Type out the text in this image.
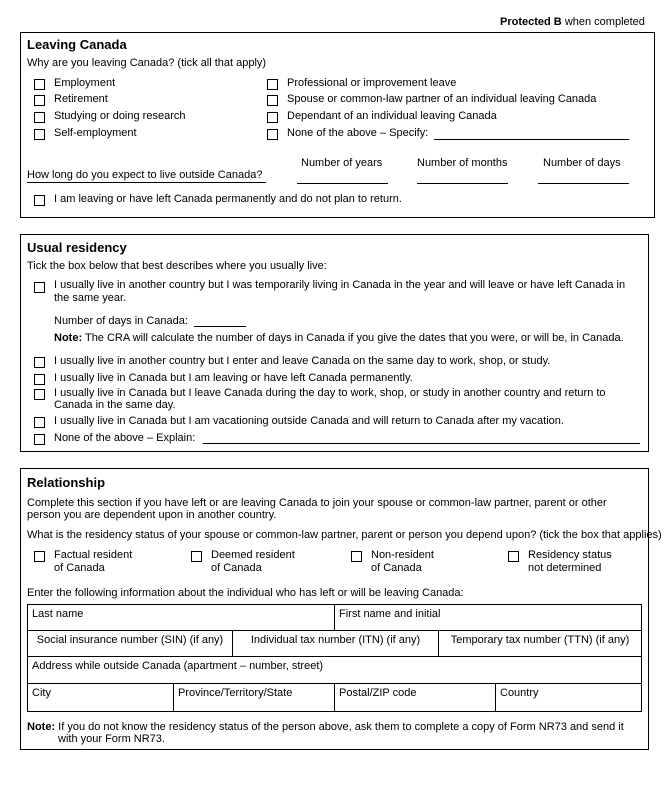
Protected B when completed
Leaving Canada
Why are you leaving Canada? (tick all that apply)
Employment
Retirement
Studying or doing research
Self-employment
Professional or improvement leave
Spouse or common-law partner of an individual leaving Canada
Dependant of an individual leaving Canada
None of the above – Specify:
Number of years	Number of months	Number of days
How long do you expect to live outside Canada?
I am leaving or have left Canada permanently and do not plan to return.
Usual residency
Tick the box below that best describes where you usually live:
I usually live in another country but I was temporarily living in Canada in the year and will leave or have left Canada in
the same year.
Number of days in Canada:
Note: The CRA will calculate the number of days in Canada if you give the dates that you were, or will be, in Canada.
I usually live in another country but I enter and leave Canada on the same day to work, shop, or study.
I usually live in Canada but I am leaving or have left Canada permanently.
I usually live in Canada but I leave Canada during the day to work, shop, or study in another country and return to
Canada in the same day.
I usually live in Canada but I am vacationing outside Canada and will return to Canada after my vacation.
None of the above – Explain:
Relationship
Complete this section if you have left or are leaving Canada to join your spouse or common-law partner, parent or other
person you are dependent upon in another country.
What is the residency status of your spouse or common-law partner, parent or person you depend upon? (tick the box that applies)
Factual resident
of Canada
Deemed resident
of Canada
Non-resident
of Canada
Residency status
not determined
Enter the following information about the individual who has left or will be leaving Canada:
Last name	First name and initial
Social insurance number (SIN) (if any)	Individual tax number (ITN) (if any)	Temporary tax number (TTN) (if any)
Address while outside Canada (apartment – number, street)
City	Province/Territory/State	Postal/ZIP code	Country
Note: If you do not know the residency status of the person above, ask them to complete a copy of Form NR73 and send it
with your Form NR73.
